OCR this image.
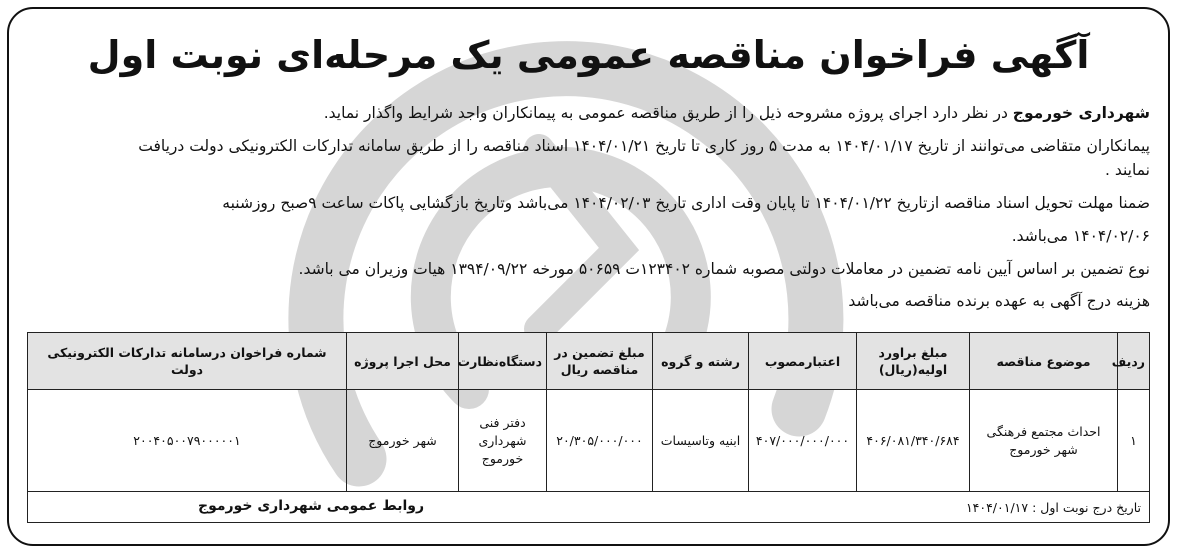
آگهی فراخوان مناقصه عمومی یک مرحله‌ای نوبت اول
شهرداری خورموج در نظر دارد اجرای پروژه مشروحه ذیل را از طریق مناقصه عمومی به پیمانکاران واجد شرایط واگذار نماید.
پیمانکاران متقاضی می‌توانند از تاریخ ۱۴۰۴/۰۱/۱۷ به مدت ۵ روز کاری تا تاریخ ۱۴۰۴/۰۱/۲۱ اسناد مناقصه را از طریق سامانه تدارکات الکترونیکی دولت دریافت
نمایند .
ضمنا مهلت تحویل اسناد مناقصه ازتاریخ ۱۴۰۴/۰۱/۲۲ تا پایان وقت اداری تاریخ ۱۴۰۴/۰۲/۰۳ می‌باشد وتاریخ بازگشایی پاکات ساعت ۹صبح روزشنبه
۱۴۰۴/۰۲/۰۶ می‌باشد.
نوع تضمین بر اساس آیین نامه تضمین در معاملات دولتی مصوبه شماره ۱۲۳۴۰۲ت ۵۰۶۵۹ مورخه ۱۳۹۴/۰۹/۲۲ هیات وزیران می باشد.
هزینه درج آگهی به عهده برنده مناقصه می‌باشد
ردیف	موضوع مناقصه	مبلغ براورد اولیه(ریال)	اعتبارمصوب	رشته و گروه	مبلغ تضمین در مناقصه ریال	دستگاه‌نظارت	محل اجرا پروژه	شماره فراخوان درسامانه تدارکات الکترونیکی دولت
۱	احداث مجتمع فرهنگی شهر خورموج	۴۰۶/۰۸۱/۳۴۰/۶۸۴	۴۰۷/۰۰۰/۰۰۰/۰۰۰	ابنیه وتاسیسات	۲۰/۳۰۵/۰۰۰/۰۰۰	دفتر فنی شهرداری خورموج	شهر خورموج	۲۰۰۴۰۵۰۰۷۹۰۰۰۰۰۱

تاریخ درج نوبت اول : ۱۴۰۴/۰۱/۱۷
روابط عمومی شهرداری خورموج								
